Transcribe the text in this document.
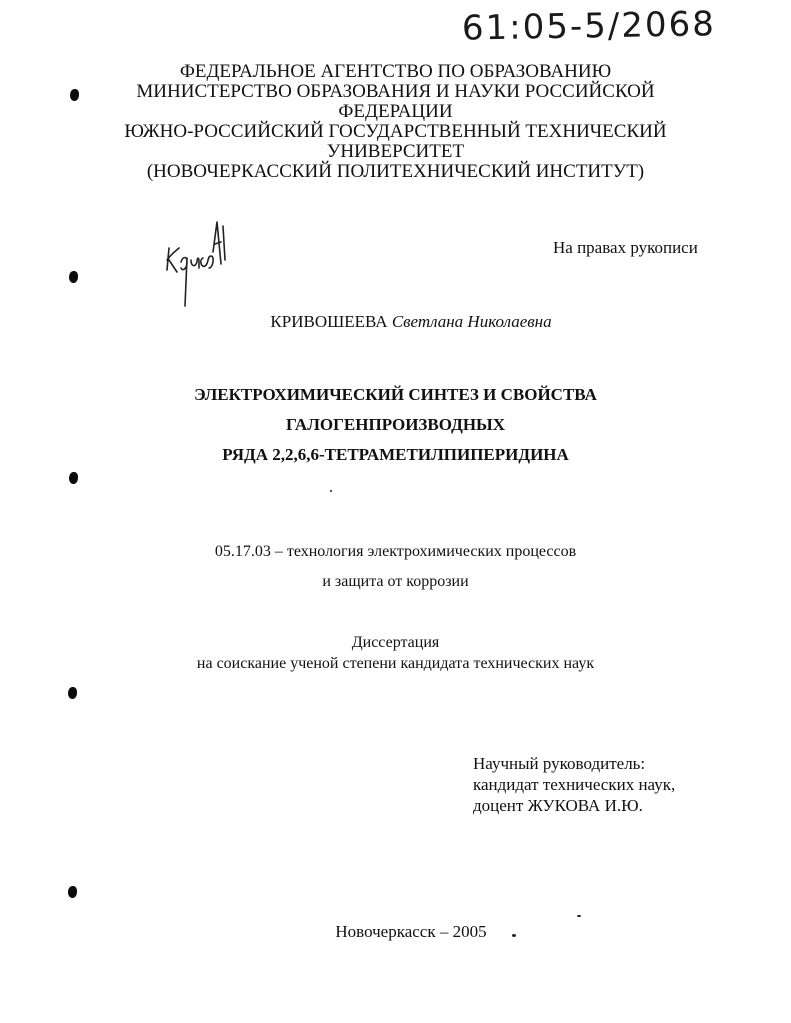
61:05-5/2068
ФЕДЕРАЛЬНОЕ АГЕНТСТВО ПО ОБРАЗОВАНИЮ
МИНИСТЕРСТВО ОБРАЗОВАНИЯ И НАУКИ РОССИЙСКОЙ
ФЕДЕРАЦИИ
ЮЖНО-РОССИЙСКИЙ ГОСУДАРСТВЕННЫЙ ТЕХНИЧЕСКИЙ
УНИВЕРСИТЕТ
(НОВОЧЕРКАССКИЙ ПОЛИТЕХНИЧЕСКИЙ ИНСТИТУТ)
На правах рукописи
КРИВОШЕЕВА Светлана Николаевна
ЭЛЕКТРОХИМИЧЕСКИЙ СИНТЕЗ И СВОЙСТВА
ГАЛОГЕНПРОИЗВОДНЫХ
РЯДА 2,2,6,6-ТЕТРАМЕТИЛПИПЕРИДИНА
05.17.03 – технология электрохимических процессов
и защита от коррозии
Диссертация
на соискание ученой степени кандидата технических наук
Научный руководитель:
кандидат технических наук,
доцент ЖУКОВА И.Ю.
Новочеркасск – 2005
